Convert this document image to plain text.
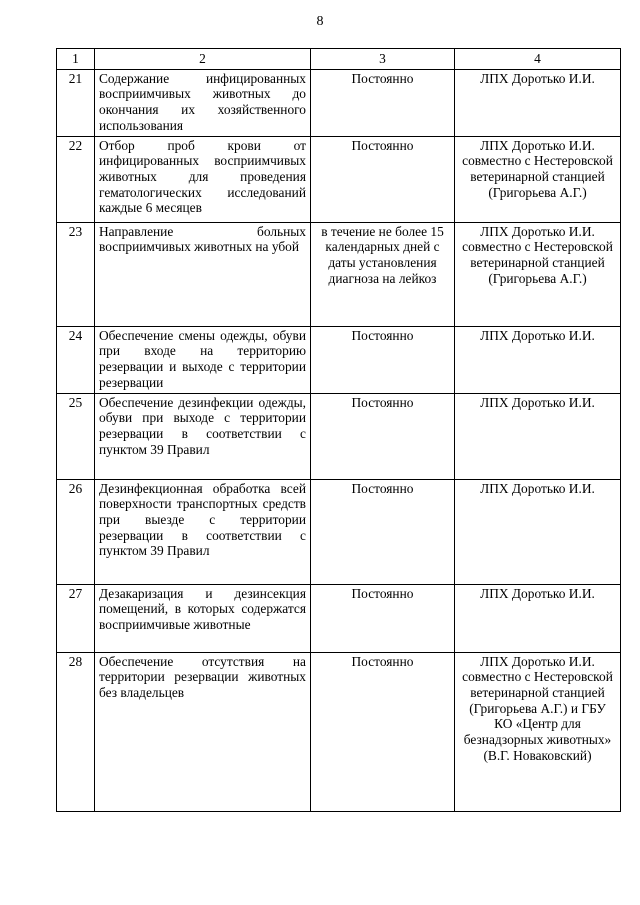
8
1	2	3	4
21	Содержание инфицированных восприимчивых животных до окончания их хозяйственного использования	Постоянно	ЛПХ Доротько И.И.
22	Отбор проб крови от инфицированных восприимчивых животных для проведения гематологических исследований каждые 6 месяцев	Постоянно	ЛПХ Доротько И.И. совместно с Нестеровской ветеринарной станцией (Григорьева А.Г.)
23	Направление больных восприимчивых животных на убой	в течение не более 15 календарных дней с даты установления диагноза на лейкоз	ЛПХ Доротько И.И. совместно с Нестеровской ветеринарной станцией (Григорьева А.Г.)
24	Обеспечение смены одежды, обуви при входе на территорию резервации и выходе с территории резервации	Постоянно	ЛПХ Доротько И.И.
25	Обеспечение дезинфекции одежды, обуви при выходе с территории резервации в соответствии с пунктом 39 Правил	Постоянно	ЛПХ Доротько И.И.
26	Дезинфекционная обработка всей поверхности транспортных средств при выезде с территории резервации в соответствии с пунктом 39 Правил	Постоянно	ЛПХ Доротько И.И.
27	Дезакаризация и дезинсекция помещений, в которых содержатся восприимчивые животные	Постоянно	ЛПХ Доротько И.И.
28	Обеспечение отсутствия на территории резервации животных без владельцев	Постоянно	ЛПХ Доротько И.И. совместно с Нестеровской ветеринарной станцией (Григорьева А.Г.) и ГБУ КО «Центр для безнадзорных животных» (В.Г. Новаковский)
